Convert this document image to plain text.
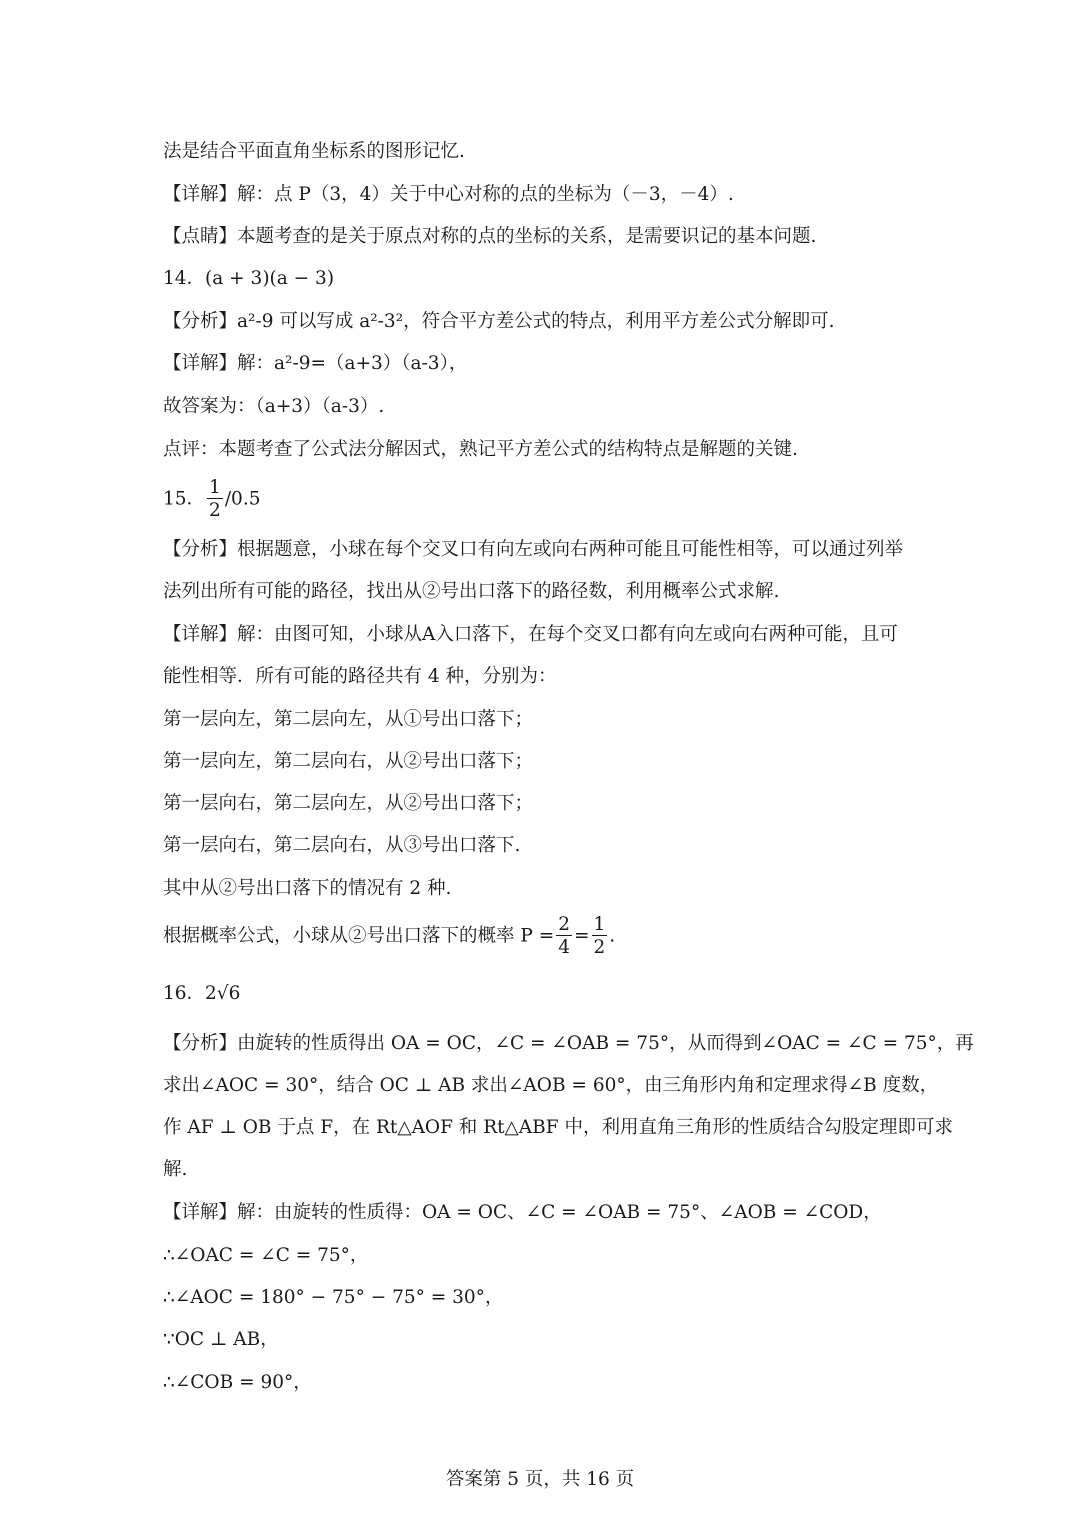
法是结合平面直角坐标系的图形记忆.
【详解】解：点 P（3，4）关于中心对称的点的坐标为（－3，－4）.
【点睛】本题考查的是关于原点对称的点的坐标的关系，是需要识记的基本问题.
14．(a + 3)(a − 3)
【分析】a²-9 可以写成 a²-3²，符合平方差公式的特点，利用平方差公式分解即可.
【详解】解：a²-9=（a+3）（a-3），
故答案为：（a+3）（a-3）.
点评：本题考查了公式法分解因式，熟记平方差公式的结构特点是解题的关键.
15． $\frac{1}{2} /0.5$
【分析】根据题意，小球在每个交叉口有向左或向右两种可能且可能性相等，可以通过列举
法列出所有可能的路径，找出从②号出口落下的路径数，利用概率公式求解.
【详解】解：由图可知，小球从A入口落下，在每个交叉口都有向左或向右两种可能，且可
能性相等．所有可能的路径共有 4 种，分别为：
第一层向左，第二层向左，从①号出口落下；
第一层向左，第二层向右，从②号出口落下；
第一层向右，第二层向左，从②号出口落下；
第一层向右，第二层向右，从③号出口落下.
其中从②号出口落下的情况有 2 种.
根据概率公式，小球从②号出口落下的概率 $P = \frac{2}{4} = \frac{1}{2}$ .
16．2√6
【分析】由旋转的性质得出 OA = OC，∠C = ∠OAB = 75°，从而得到∠OAC = ∠C = 75°，再
求出∠AOC = 30°，结合 OC ⊥ AB 求出∠AOB = 60°，由三角形内角和定理求得∠B 度数，
作 AF ⊥ OB 于点 F，在 Rt△AOF 和 Rt△ABF 中，利用直角三角形的性质结合勾股定理即可求
解.
【详解】解：由旋转的性质得：OA = OC、∠C = ∠OAB = 75°、∠AOB = ∠COD，
∴∠OAC = ∠C = 75°，
∴∠AOC = 180° − 75° − 75° = 30°，
∵OC ⊥ AB，
∴∠COB = 90°，
答案第 5 页，共 16 页
